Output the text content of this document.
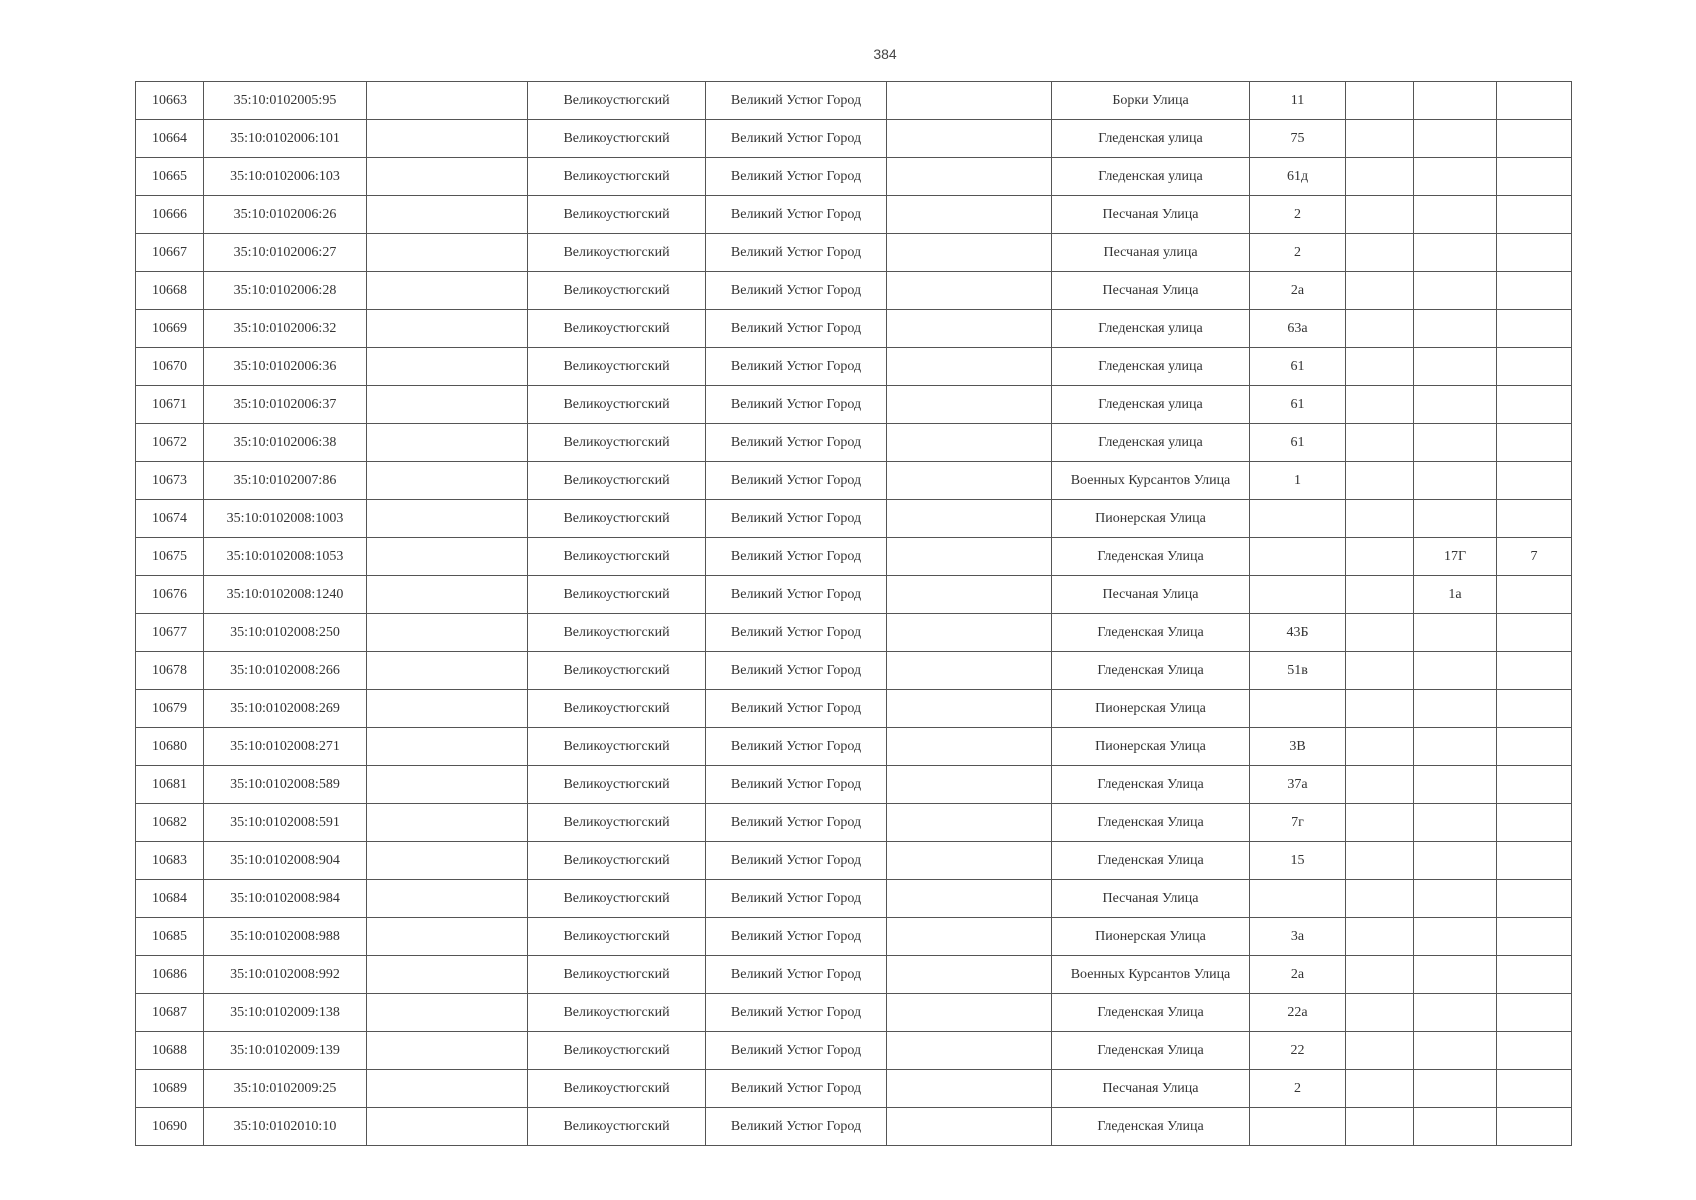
384
10663	35:10:0102005:95		Великоустюгский	Великий Устюг Город		Борки Улица	11			
10664	35:10:0102006:101		Великоустюгский	Великий Устюг Город		Гледенская улица	75			
10665	35:10:0102006:103		Великоустюгский	Великий Устюг Город		Гледенская улица	61д			
10666	35:10:0102006:26		Великоустюгский	Великий Устюг Город		Песчаная Улица	2			
10667	35:10:0102006:27		Великоустюгский	Великий Устюг Город		Песчаная улица	2			
10668	35:10:0102006:28		Великоустюгский	Великий Устюг Город		Песчаная Улица	2а			
10669	35:10:0102006:32		Великоустюгский	Великий Устюг Город		Гледенская улица	63а			
10670	35:10:0102006:36		Великоустюгский	Великий Устюг Город		Гледенская улица	61			
10671	35:10:0102006:37		Великоустюгский	Великий Устюг Город		Гледенская улица	61			
10672	35:10:0102006:38		Великоустюгский	Великий Устюг Город		Гледенская улица	61			
10673	35:10:0102007:86		Великоустюгский	Великий Устюг Город		Военных Курсантов Улица	1			
10674	35:10:0102008:1003		Великоустюгский	Великий Устюг Город		Пионерская Улица				
10675	35:10:0102008:1053		Великоустюгский	Великий Устюг Город		Гледенская Улица			17Г	7
10676	35:10:0102008:1240		Великоустюгский	Великий Устюг Город		Песчаная Улица			1а	
10677	35:10:0102008:250		Великоустюгский	Великий Устюг Город		Гледенская Улица	43Б			
10678	35:10:0102008:266		Великоустюгский	Великий Устюг Город		Гледенская Улица	51в			
10679	35:10:0102008:269		Великоустюгский	Великий Устюг Город		Пионерская Улица				
10680	35:10:0102008:271		Великоустюгский	Великий Устюг Город		Пионерская Улица	3В			
10681	35:10:0102008:589		Великоустюгский	Великий Устюг Город		Гледенская Улица	37а			
10682	35:10:0102008:591		Великоустюгский	Великий Устюг Город		Гледенская Улица	7г			
10683	35:10:0102008:904		Великоустюгский	Великий Устюг Город		Гледенская Улица	15			
10684	35:10:0102008:984		Великоустюгский	Великий Устюг Город		Песчаная Улица				
10685	35:10:0102008:988		Великоустюгский	Великий Устюг Город		Пионерская Улица	3а			
10686	35:10:0102008:992		Великоустюгский	Великий Устюг Город		Военных Курсантов Улица	2а			
10687	35:10:0102009:138		Великоустюгский	Великий Устюг Город		Гледенская Улица	22а			
10688	35:10:0102009:139		Великоустюгский	Великий Устюг Город		Гледенская Улица	22			
10689	35:10:0102009:25		Великоустюгский	Великий Устюг Город		Песчаная Улица	2			
10690	35:10:0102010:10		Великоустюгский	Великий Устюг Город		Гледенская Улица				
